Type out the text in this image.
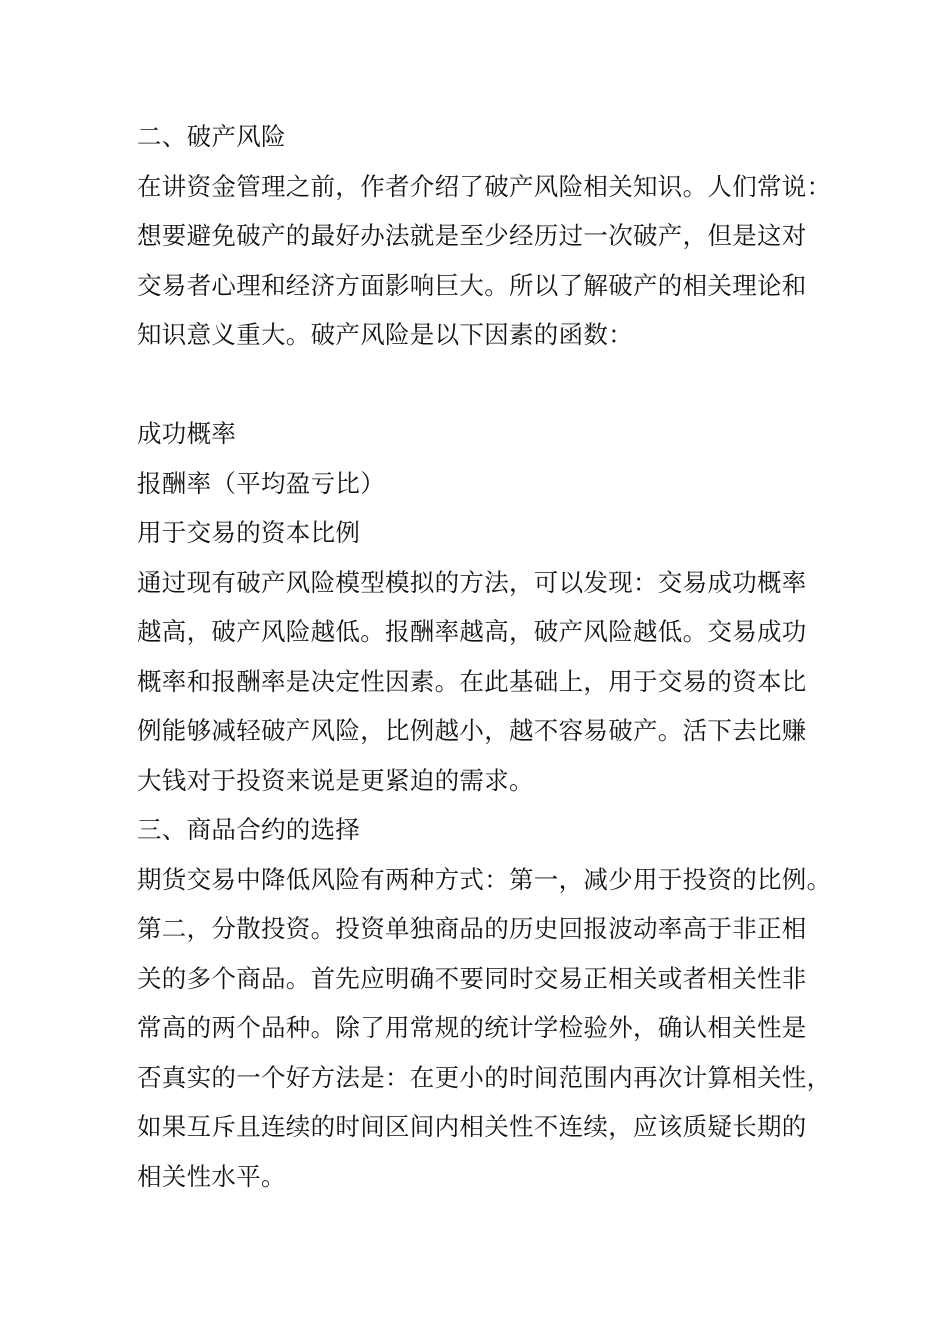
二、破产风险
在讲资金管理之前，作者介绍了破产风险相关知识。人们常说：
想要避免破产的最好办法就是至少经历过一次破产，但是这对
交易者心理和经济方面影响巨大。所以了解破产的相关理论和
知识意义重大。破产风险是以下因素的函数：
成功概率
报酬率（平均盈亏比）
用于交易的资本比例
通过现有破产风险模型模拟的方法，可以发现：交易成功概率
越高，破产风险越低。报酬率越高，破产风险越低。交易成功
概率和报酬率是决定性因素。在此基础上，用于交易的资本比
例能够减轻破产风险，比例越小，越不容易破产。活下去比赚
大钱对于投资来说是更紧迫的需求。
三、商品合约的选择
期货交易中降低风险有两种方式：第一，减少用于投资的比例。
第二，分散投资。投资单独商品的历史回报波动率高于非正相
关的多个商品。首先应明确不要同时交易正相关或者相关性非
常高的两个品种。除了用常规的统计学检验外，确认相关性是
否真实的一个好方法是：在更小的时间范围内再次计算相关性，
如果互斥且连续的时间区间内相关性不连续，应该质疑长期的
相关性水平。
